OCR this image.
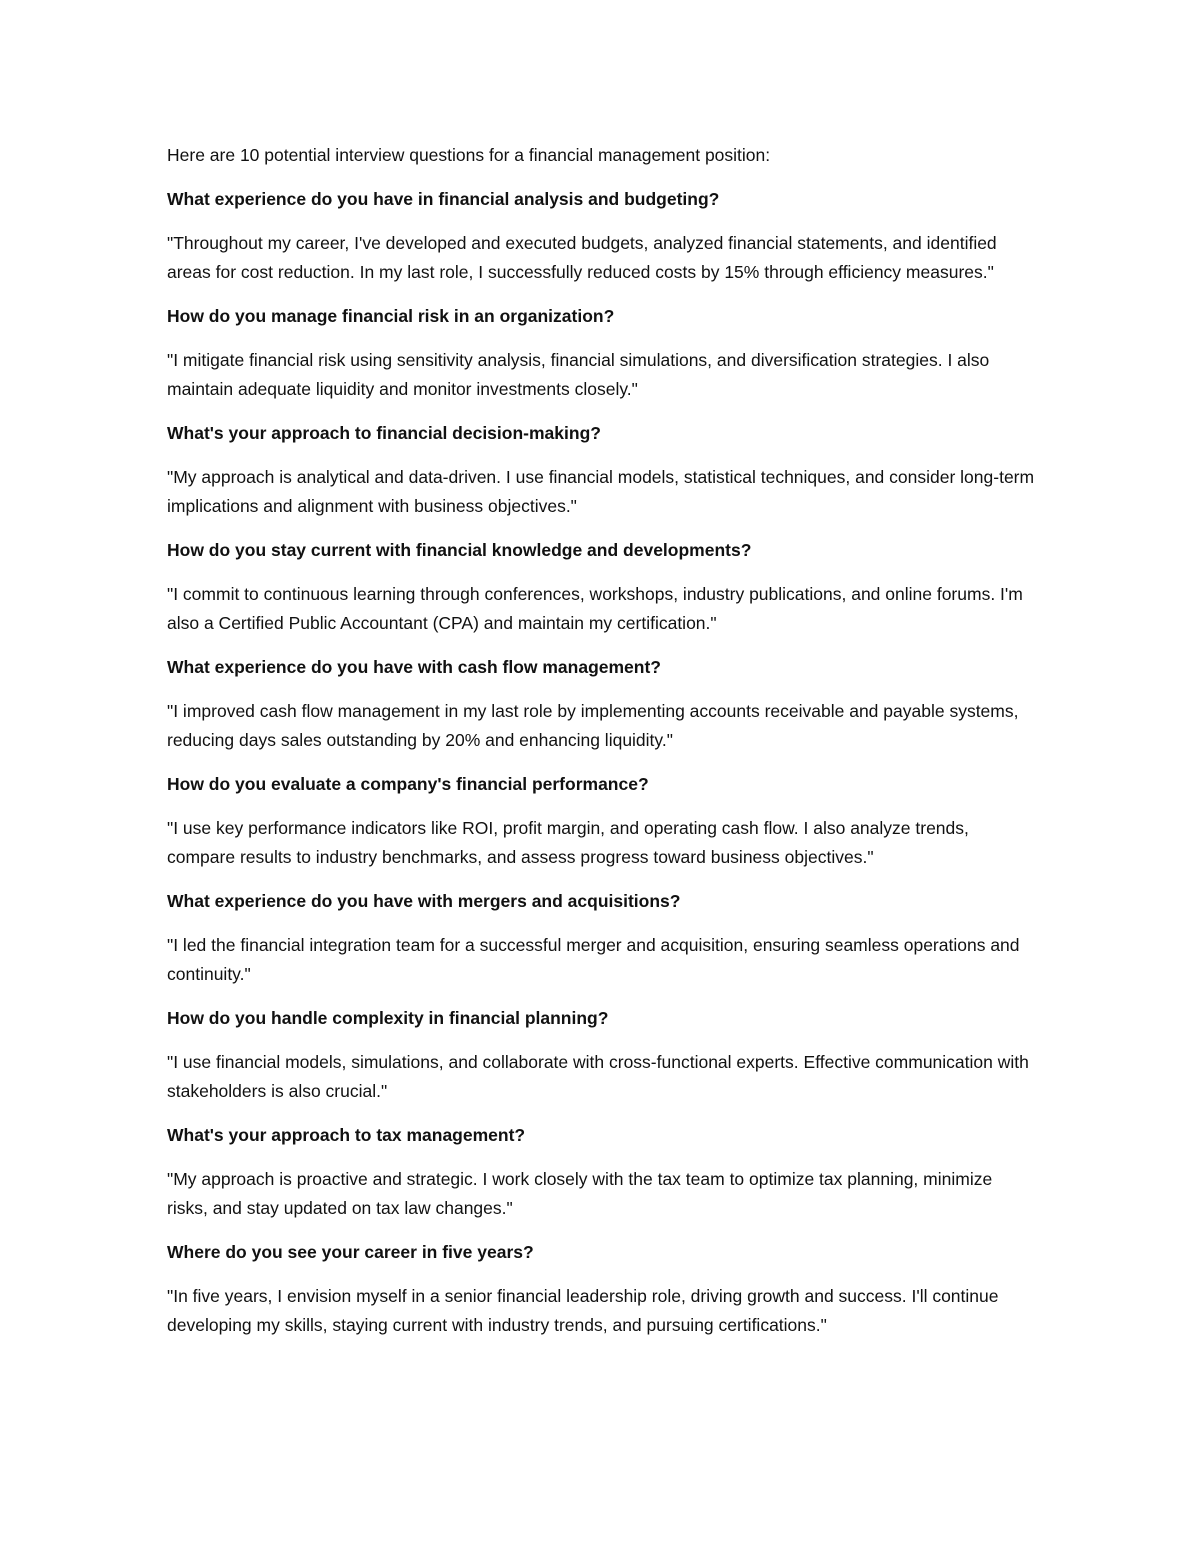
Here are 10 potential interview questions for a financial management position:

What experience do you have in financial analysis and budgeting?

"Throughout my career, I've developed and executed budgets, analyzed financial statements, and identified areas for cost reduction. In my last role, I successfully reduced costs by 15% through efficiency measures."

How do you manage financial risk in an organization?

"I mitigate financial risk using sensitivity analysis, financial simulations, and diversification strategies. I also maintain adequate liquidity and monitor investments closely."

What's your approach to financial decision-making?

"My approach is analytical and data-driven. I use financial models, statistical techniques, and consider long-term implications and alignment with business objectives."

How do you stay current with financial knowledge and developments?

"I commit to continuous learning through conferences, workshops, industry publications, and online forums. I'm also a Certified Public Accountant (CPA) and maintain my certification."

What experience do you have with cash flow management?

"I improved cash flow management in my last role by implementing accounts receivable and payable systems, reducing days sales outstanding by 20% and enhancing liquidity."

How do you evaluate a company's financial performance?

"I use key performance indicators like ROI, profit margin, and operating cash flow. I also analyze trends, compare results to industry benchmarks, and assess progress toward business objectives."

What experience do you have with mergers and acquisitions?

"I led the financial integration team for a successful merger and acquisition, ensuring seamless operations and continuity."

How do you handle complexity in financial planning?

"I use financial models, simulations, and collaborate with cross-functional experts. Effective communication with stakeholders is also crucial."

What's your approach to tax management?

"My approach is proactive and strategic. I work closely with the tax team to optimize tax planning, minimize risks, and stay updated on tax law changes."

Where do you see your career in five years?

"In five years, I envision myself in a senior financial leadership role, driving growth and success. I'll continue developing my skills, staying current with industry trends, and pursuing certifications."
